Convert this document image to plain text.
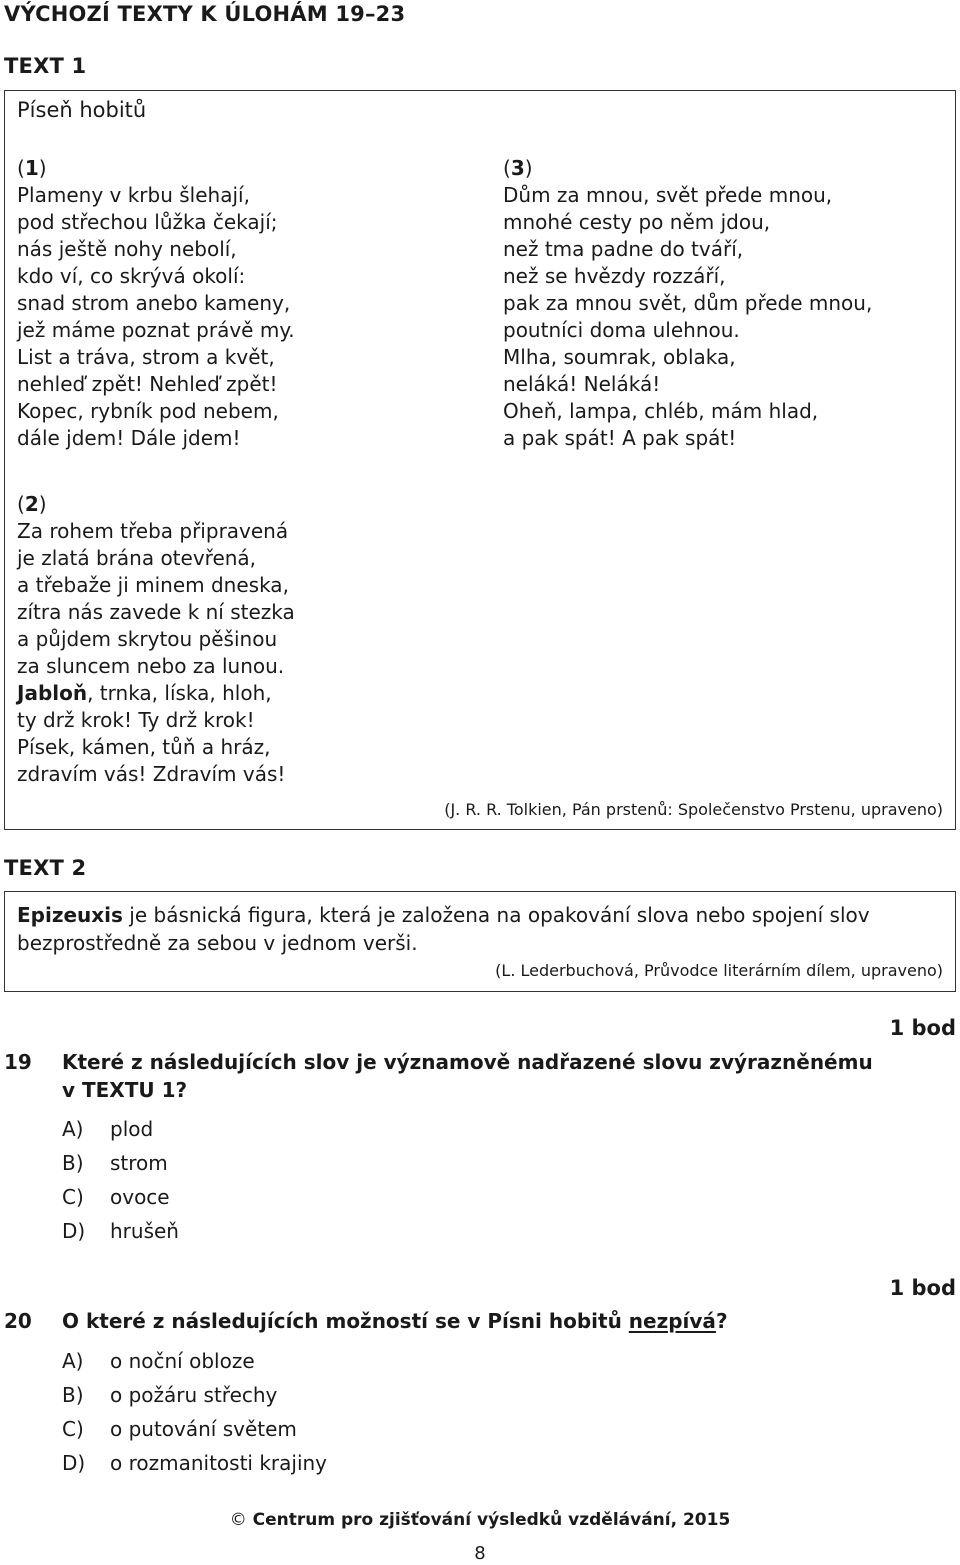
VÝCHOZÍ TEXTY K ÚLOHÁM 19–23
TEXT 1
Píseň hobitů
(1)
Plameny v krbu šlehají,
pod střechou lůžka čekají;
nás ještě nohy nebolí,
kdo ví, co skrývá okolí:
snad strom anebo kameny,
jež máme poznat právě my.
List a tráva, strom a květ,
nehleď zpět! Nehleď zpět!
Kopec, rybník pod nebem,
dále jdem! Dále jdem!
(2)
Za rohem třeba připravená
je zlatá brána otevřená,
a třebaže ji minem dneska,
zítra nás zavede k ní stezka
a půjdem skrytou pěšinou
za sluncem nebo za lunou.
Jabloň, trnka, líska, hloh,
ty drž krok! Ty drž krok!
Písek, kámen, tůň a hráz,
zdravím vás! Zdravím vás!
(3)
Dům za mnou, svět přede mnou,
mnohé cesty po něm jdou,
než tma padne do tváří,
než se hvězdy rozzáří,
pak za mnou svět, dům přede mnou,
poutníci doma ulehnou.
Mlha, soumrak, oblaka,
neláká! Neláká!
Oheň, lampa, chléb, mám hlad,
a pak spát! A pak spát!
(J. R. R. Tolkien, Pán prstenů: Společenstvo Prstenu, upraveno)
TEXT 2
Epizeuxis je básnická figura, která je založena na opakování slova nebo spojení slov
bezprostředně za sebou v jednom verši.
(L. Lederbuchová, Průvodce literárním dílem, upraveno)
1 bod
19 Které z následujících slov je významově nadřazené slovu zvýrazněnému
v TEXTU 1?
A) plod
B) strom
C) ovoce
D) hrušeň
1 bod
20 O které z následujících možností se v Písni hobitů nezpívá?
A) o noční obloze
B) o požáru střechy
C) o putování světem
D) o rozmanitosti krajiny
© Centrum pro zjišťování výsledků vzdělávání, 2015
8
